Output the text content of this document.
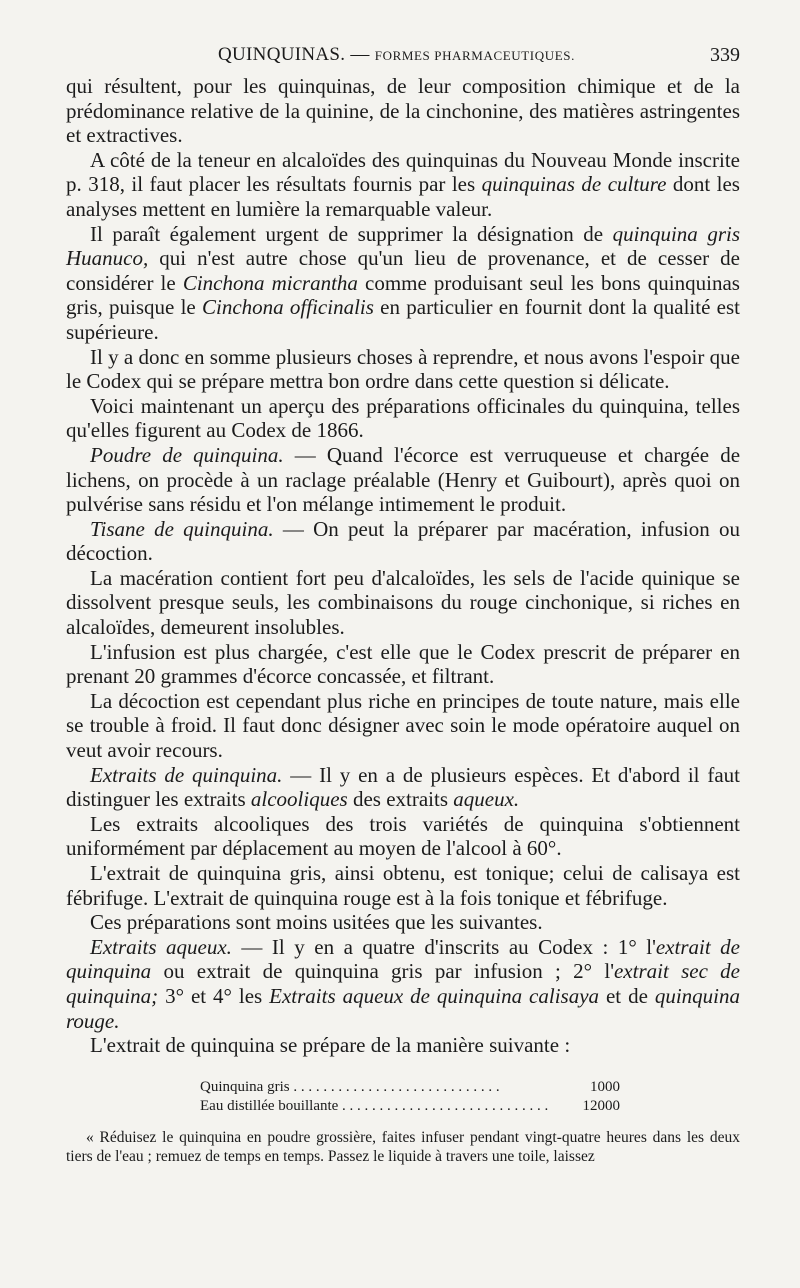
QUINQUINAS. — FORMES PHARMACEUTIQUES.	339

qui résultent, pour les quinquinas, de leur composition chimique et de la prédominance relative de la quinine, de la cinchonine, des matières astringentes et extractives.

A côté de la teneur en alcaloïdes des quinquinas du Nouveau Monde inscrite p. 318, il faut placer les résultats fournis par les quinquinas de culture dont les analyses mettent en lumière la remarquable valeur.

Il paraît également urgent de supprimer la désignation de quinquina gris Huanuco, qui n'est autre chose qu'un lieu de provenance, et de cesser de considérer le Cinchona micrantha comme produisant seul les bons quinquinas gris, puisque le Cinchona officinalis en particulier en fournit dont la qualité est supérieure.

Il y a donc en somme plusieurs choses à reprendre, et nous avons l'espoir que le Codex qui se prépare mettra bon ordre dans cette question si délicate.

Voici maintenant un aperçu des préparations officinales du quinquina, telles qu'elles figurent au Codex de 1866.

Poudre de quinquina. — Quand l'écorce est verruqueuse et chargée de lichens, on procède à un raclage préalable (Henry et Guibourt), après quoi on pulvérise sans résidu et l'on mélange intimement le produit.

Tisane de quinquina. — On peut la préparer par macération, infusion ou décoction.

La macération contient fort peu d'alcaloïdes, les sels de l'acide quinique se dissolvent presque seuls, les combinaisons du rouge cinchonique, si riches en alcaloïdes, demeurent insolubles.

L'infusion est plus chargée, c'est elle que le Codex prescrit de préparer en prenant 20 grammes d'écorce concassée, et filtrant.

La décoction est cependant plus riche en principes de toute nature, mais elle se trouble à froid. Il faut donc désigner avec soin le mode opératoire auquel on veut avoir recours.

Extraits de quinquina. — Il y en a de plusieurs espèces. Et d'abord il faut distinguer les extraits alcooliques des extraits aqueux.

Les extraits alcooliques des trois variétés de quinquina s'obtiennent uniformément par déplacement au moyen de l'alcool à 60°.

L'extrait de quinquina gris, ainsi obtenu, est tonique; celui de calisaya est fébrifuge. L'extrait de quinquina rouge est à la fois tonique et fébrifuge.

Ces préparations sont moins usitées que les suivantes.

Extraits aqueux. — Il y en a quatre d'inscrits au Codex : 1° l'extrait de quinquina ou extrait de quinquina gris par infusion ; 2° l'extrait sec de quinquina; 3° et 4° les Extraits aqueux de quinquina calisaya et de quinquina rouge.

L'extrait de quinquina se prépare de la manière suivante :

Quinquina gris . . .	1000
Eau distillée bouillante . . .	12000
« Réduisez le quinquina en poudre grossière, faites infuser pendant vingt-quatre heures dans les deux tiers de l'eau ; remuez de temps en temps. Passez le liquide à travers une toile, laissez
